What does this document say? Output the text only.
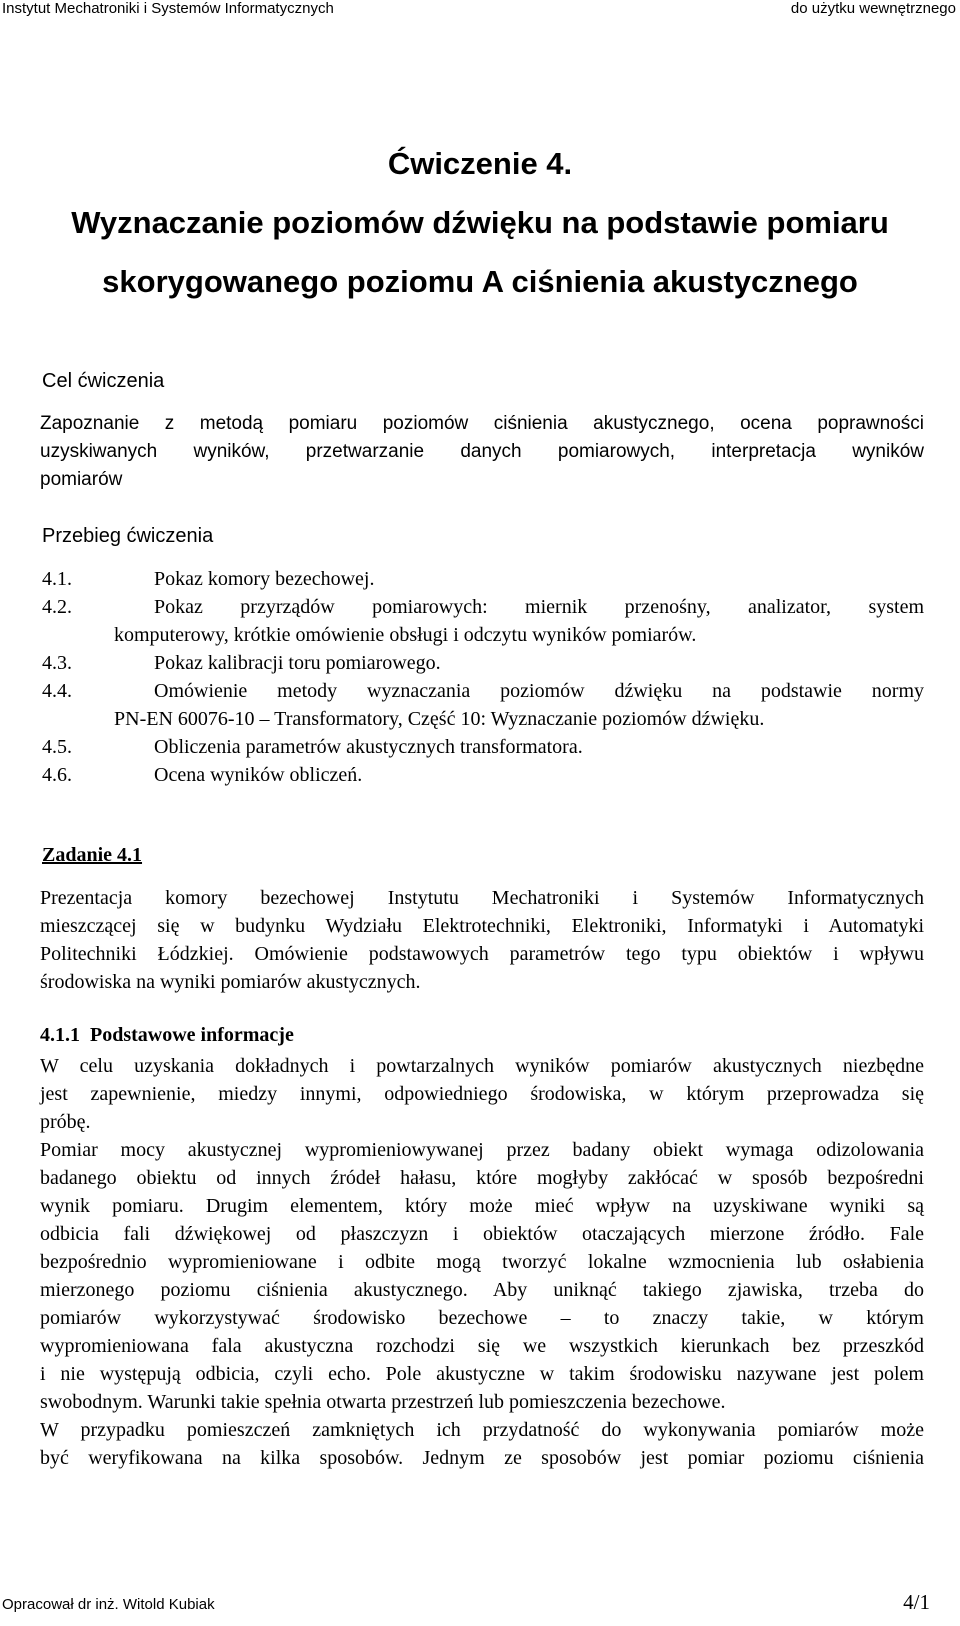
Instytut Mechatroniki i Systemów Informatycznych	do użytku wewnętrznego
Ćwiczenie 4.
Wyznaczanie poziomów dźwięku na podstawie pomiaru
skorygowanego poziomu A ciśnienia akustycznego
Cel ćwiczenia
Zapoznanie z metodą pomiaru poziomów ciśnienia akustycznego, ocena poprawności
uzyskiwanych wyników, przetwarzanie danych pomiarowych, interpretacja wyników
pomiarów
Przebieg ćwiczenia
4.1.	Pokaz komory bezechowej.
4.2.	Pokaz przyrządów pomiarowych: miernik przenośny, analizator, system
komputerowy, krótkie omówienie obsługi i odczytu wyników pomiarów.
4.3.	Pokaz kalibracji toru pomiarowego.
4.4.	Omówienie metody wyznaczania poziomów dźwięku na podstawie normy
PN-EN 60076-10 – Transformatory, Część 10: Wyznaczanie poziomów dźwięku.
4.5.	Obliczenia parametrów akustycznych transformatora.
4.6.	Ocena wyników obliczeń.
Zadanie 4.1
Prezentacja komory bezechowej Instytutu Mechatroniki i Systemów Informatycznych
mieszczącej się w budynku Wydziału Elektrotechniki, Elektroniki, Informatyki i Automatyki
Politechniki Łódzkiej. Omówienie podstawowych parametrów tego typu obiektów i wpływu
środowiska na wyniki pomiarów akustycznych.
4.1.1 Podstawowe informacje
W celu uzyskania dokładnych i powtarzalnych wyników pomiarów akustycznych niezbędne
jest zapewnienie, miedzy innymi, odpowiedniego środowiska, w którym przeprowadza się
próbę.
Pomiar mocy akustycznej wypromieniowywanej przez badany obiekt wymaga odizolowania
badanego obiektu od innych źródeł hałasu, które mogłyby zakłócać w sposób bezpośredni
wynik pomiaru. Drugim elementem, który może mieć wpływ na uzyskiwane wyniki są
odbicia fali dźwiękowej od płaszczyzn i obiektów otaczających mierzone źródło. Fale
bezpośrednio wypromieniowane i odbite mogą tworzyć lokalne wzmocnienia lub osłabienia
mierzonego poziomu ciśnienia akustycznego. Aby uniknąć takiego zjawiska, trzeba do
pomiarów wykorzystywać środowisko bezechowe – to znaczy takie, w którym
wypromieniowana fala akustyczna rozchodzi się we wszystkich kierunkach bez przeszkód
i nie występują odbicia, czyli echo. Pole akustyczne w takim środowisku nazywane jest polem
swobodnym. Warunki takie spełnia otwarta przestrzeń lub pomieszczenia bezechowe.
W przypadku pomieszczeń zamkniętych ich przydatność do wykonywania pomiarów może
być weryfikowana na kilka sposobów. Jednym ze sposobów jest pomiar poziomu ciśnienia
Opracował dr inż. Witold Kubiak	4/1
